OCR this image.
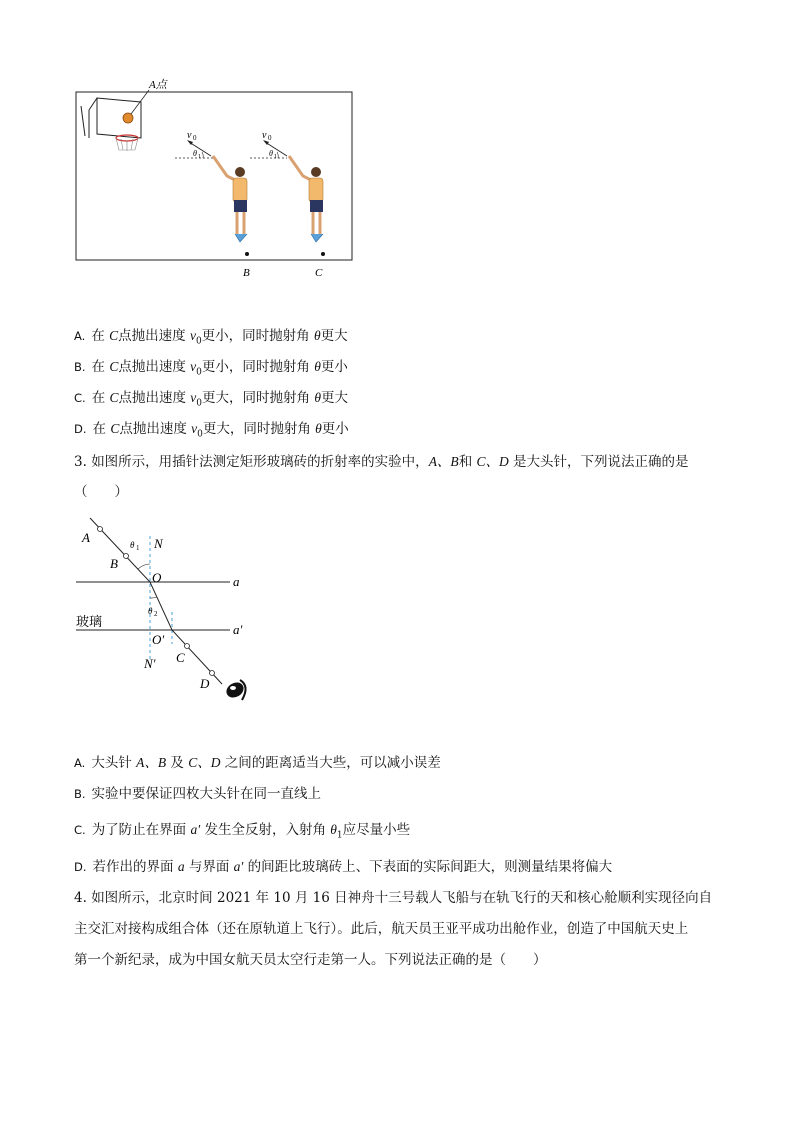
A点
v 0
θ 1
B
v 0
θ 1
C
A. 在 C点抛出速度 $v_0$更小，同时抛射角 θ更大
B. 在 C点抛出速度 $v_0$更小，同时抛射角 θ更小
C. 在 C点抛出速度 $v_0$更大，同时抛射角 θ更大
D. 在 C点抛出速度 $v_0$更大，同时抛射角 θ更小
3. 如图所示，用插针法测定矩形玻璃砖的折射率的实验中，A、B和 C、D 是大头针，下列说法正确的是
（　　）
A
B
θ 1 N
O	a
θ 2
玻璃
a′
O′
C
N′
D
A. 大头针 A、B 及 C、D 之间的距离适当大些，可以减小误差
B. 实验中要保证四枚大头针在同一直线上
C. 为了防止在界面 a′ 发生全反射，入射角 $\theta_1$应尽量小些
D. 若作出的界面 a 与界面 a′ 的间距比玻璃砖上、下表面的实际间距大，则测量结果将偏大
4. 如图所示，北京时间 2021 年 10 月 16 日神舟十三号载人飞船与在轨飞行的天和核心舱顺利实现径向自
主交汇对接构成组合体（还在原轨道上飞行）。此后，航天员王亚平成功出舱作业，创造了中国航天史上
第一个新纪录，成为中国女航天员太空行走第一人。下列说法正确的是（　　）
